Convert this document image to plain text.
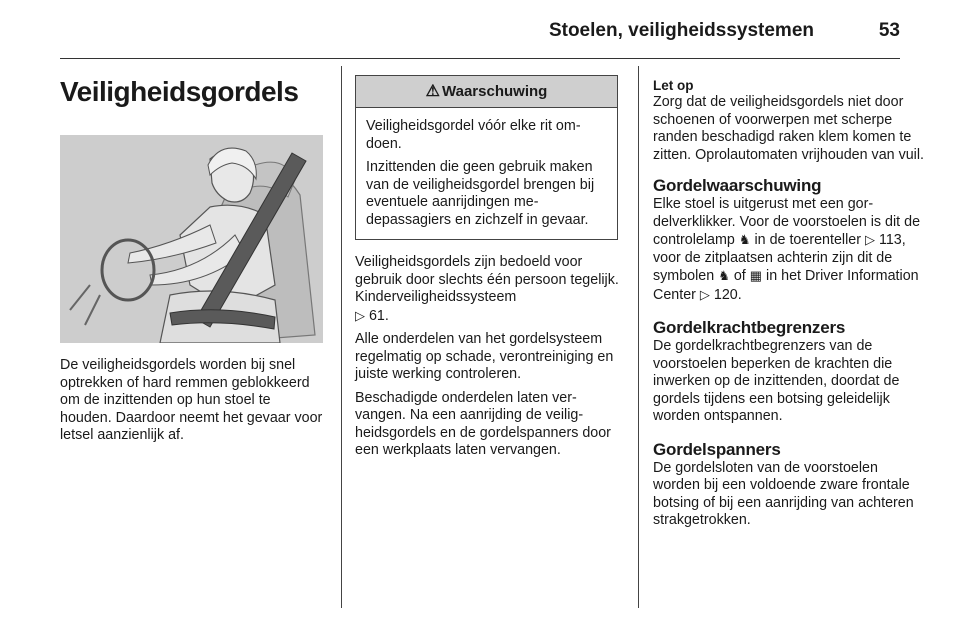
Stoelen, veiligheidssystemen	53
Veiligheidsgordels

De veiligheidsgordels worden bij snel optrekken of hard remmen geblokkeerd om de inzittenden op hun stoel te houden. Daardoor neemt het gevaar voor letsel aanzienlijk af.

⚠ Waarschuwing

Veiligheidsgordel vóór elke rit omdoen.

Inzittenden die geen gebruik maken van de veiligheidsgordel brengen bij eventuele aanrijdingen medepassagiers en zichzelf in gevaar.

Veiligheidsgordels zijn bedoeld voor gebruik door slechts één persoon tegelijk. Kinderveiligheidssysteem
▷ 61.

Alle onderdelen van het gordelsysteem regelmatig op schade, verontreiniging en juiste werking controleren.

Beschadigde onderdelen laten vervangen. Na een aanrijding de veiligheidsgordels en de gordelspanners door een werkplaats laten vervangen.

Let op

Zorg dat de veiligheidsgordels niet door schoenen of voorwerpen met scherpe randen beschadigd raken klem komen te zitten. Oprolautomaten vrijhouden van vuil.

Gordelwaarschuwing

Elke stoel is uitgerust met een gordelverklikker. Voor de voorstoelen is dit de controlelamp ♞ in de toerenteller ▷ 113, voor de zitplaatsen achterin zijn dit de symbolen ♞ of ▦ in het Driver Information Center ▷ 120.

Gordelkrachtbegrenzers

De gordelkrachtbegrenzers van de voorstoelen beperken de krachten die inwerken op de inzittenden, doordat de gordels tijdens een botsing geleidelijk worden ontspannen.

Gordelspanners

De gordelsloten van de voorstoelen worden bij een voldoende zware frontale botsing of bij een aanrijding van achteren strakgetrokken.
